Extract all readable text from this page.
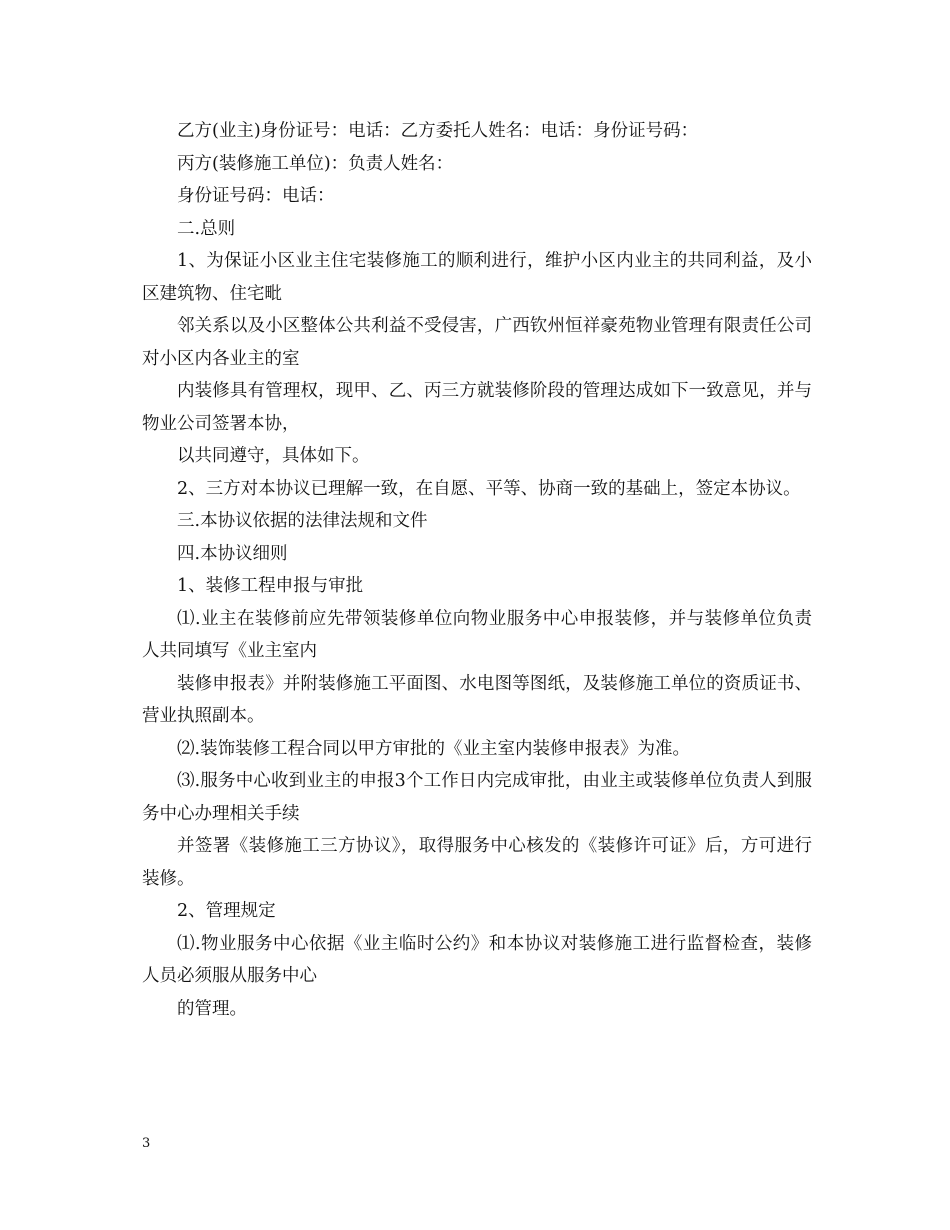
乙方(业主)身份证号：电话：乙方委托人姓名：电话：身份证号码：

丙方(装修施工单位)：负责人姓名：

身份证号码：电话：

二.总则

1、为保证小区业主住宅装修施工的顺利进行，维护小区内业主的共同利益，及小区建筑物、住宅毗

邻关系以及小区整体公共利益不受侵害，广西钦州恒祥豪苑物业管理有限责任公司对小区内各业主的室

内装修具有管理权，现甲、乙、丙三方就装修阶段的管理达成如下一致意见，并与物业公司签署本协，

以共同遵守，具体如下。

2、三方对本协议已理解一致，在自愿、平等、协商一致的基础上，签定本协议。

三.本协议依据的法律法规和文件

四.本协议细则

1、装修工程申报与审批

⑴.业主在装修前应先带领装修单位向物业服务中心申报装修，并与装修单位负责人共同填写《业主室内

装修申报表》并附装修施工平面图、水电图等图纸，及装修施工单位的资质证书、营业执照副本。

⑵.装饰装修工程合同以甲方审批的《业主室内装修申报表》为准。

⑶.服务中心收到业主的申报3个工作日内完成审批，由业主或装修单位负责人到服务中心办理相关手续

并签署《装修施工三方协议》，取得服务中心核发的《装修许可证》后，方可进行装修。

2、管理规定

⑴.物业服务中心依据《业主临时公约》和本协议对装修施工进行监督检查，装修人员必须服从服务中心

的管理。

3
